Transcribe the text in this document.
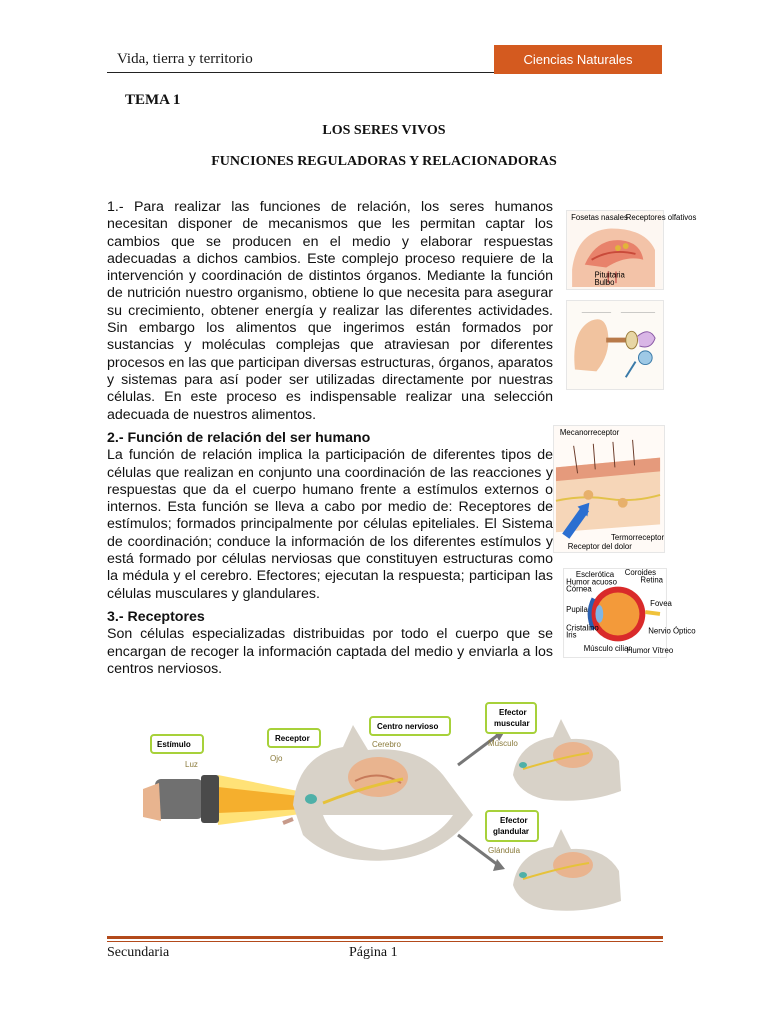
Vida, tierra y territorio	Ciencias Naturales
TEMA 1
LOS SERES VIVOS
FUNCIONES REGULADORAS Y RELACIONADORAS
1.- Para realizar las funciones de relación, los seres humanos necesitan disponer de mecanismos que les permitan captar los cambios que se producen en el medio y elaborar respuestas adecuadas a dichos cambios. Este complejo proceso requiere de la intervención y coordinación de distintos órganos. Mediante la función de nutrición nuestro organismo, obtiene lo que necesita para asegurar su crecimiento, obtener energía y realizar las diferentes actividades. Sin embargo los alimentos que ingerimos están formados por sustancias y moléculas complejas que atraviesan por diferentes procesos en las que participan diversas estructuras, órganos, aparatos y sistemas para así poder ser utilizadas directamente por nuestras células. En este proceso es indispensable realizar una selección adecuada de nuestros alimentos.
2.- Función de relación del ser humano
La función de relación implica la participación de diferentes tipos de células que realizan en conjunto una coordinación de las reacciones y respuestas que da el cuerpo humano frente a estímulos externos o internos. Esta función se lleva a cabo por medio de: Receptores de estímulos; formados principalmente por células epiteliales. El Sistema de coordinación; conduce la información de los diferentes estímulos y está formado por células nerviosas que constituyen estructuras como la médula y el cerebro. Efectores; ejecutan la respuesta; participan las células musculares y glandulares.
3.- Receptores
Son células especializadas distribuidas por todo el cuerpo que se encargan de recoger la información captada del medio y enviarla a los centros nerviosos.
Fosetas nasales
Receptores olfativos
Pituitaria
Bulbo
Mecanorreceptor
Termorreceptor
Receptor del dolor
Esclerótica
Humor acuoso
Córnea
Pupila
Cristalino
Iris
Músculo ciliar
Coroides
Retina
Fovea
Nervio Óptico
Humor Vítreo
Estímulo
Luz
Receptor
Ojo
Centro nervioso
Cerebro
Efector
muscular
Músculo
Efector
glandular
Glándula
Secundaria	Página 1
